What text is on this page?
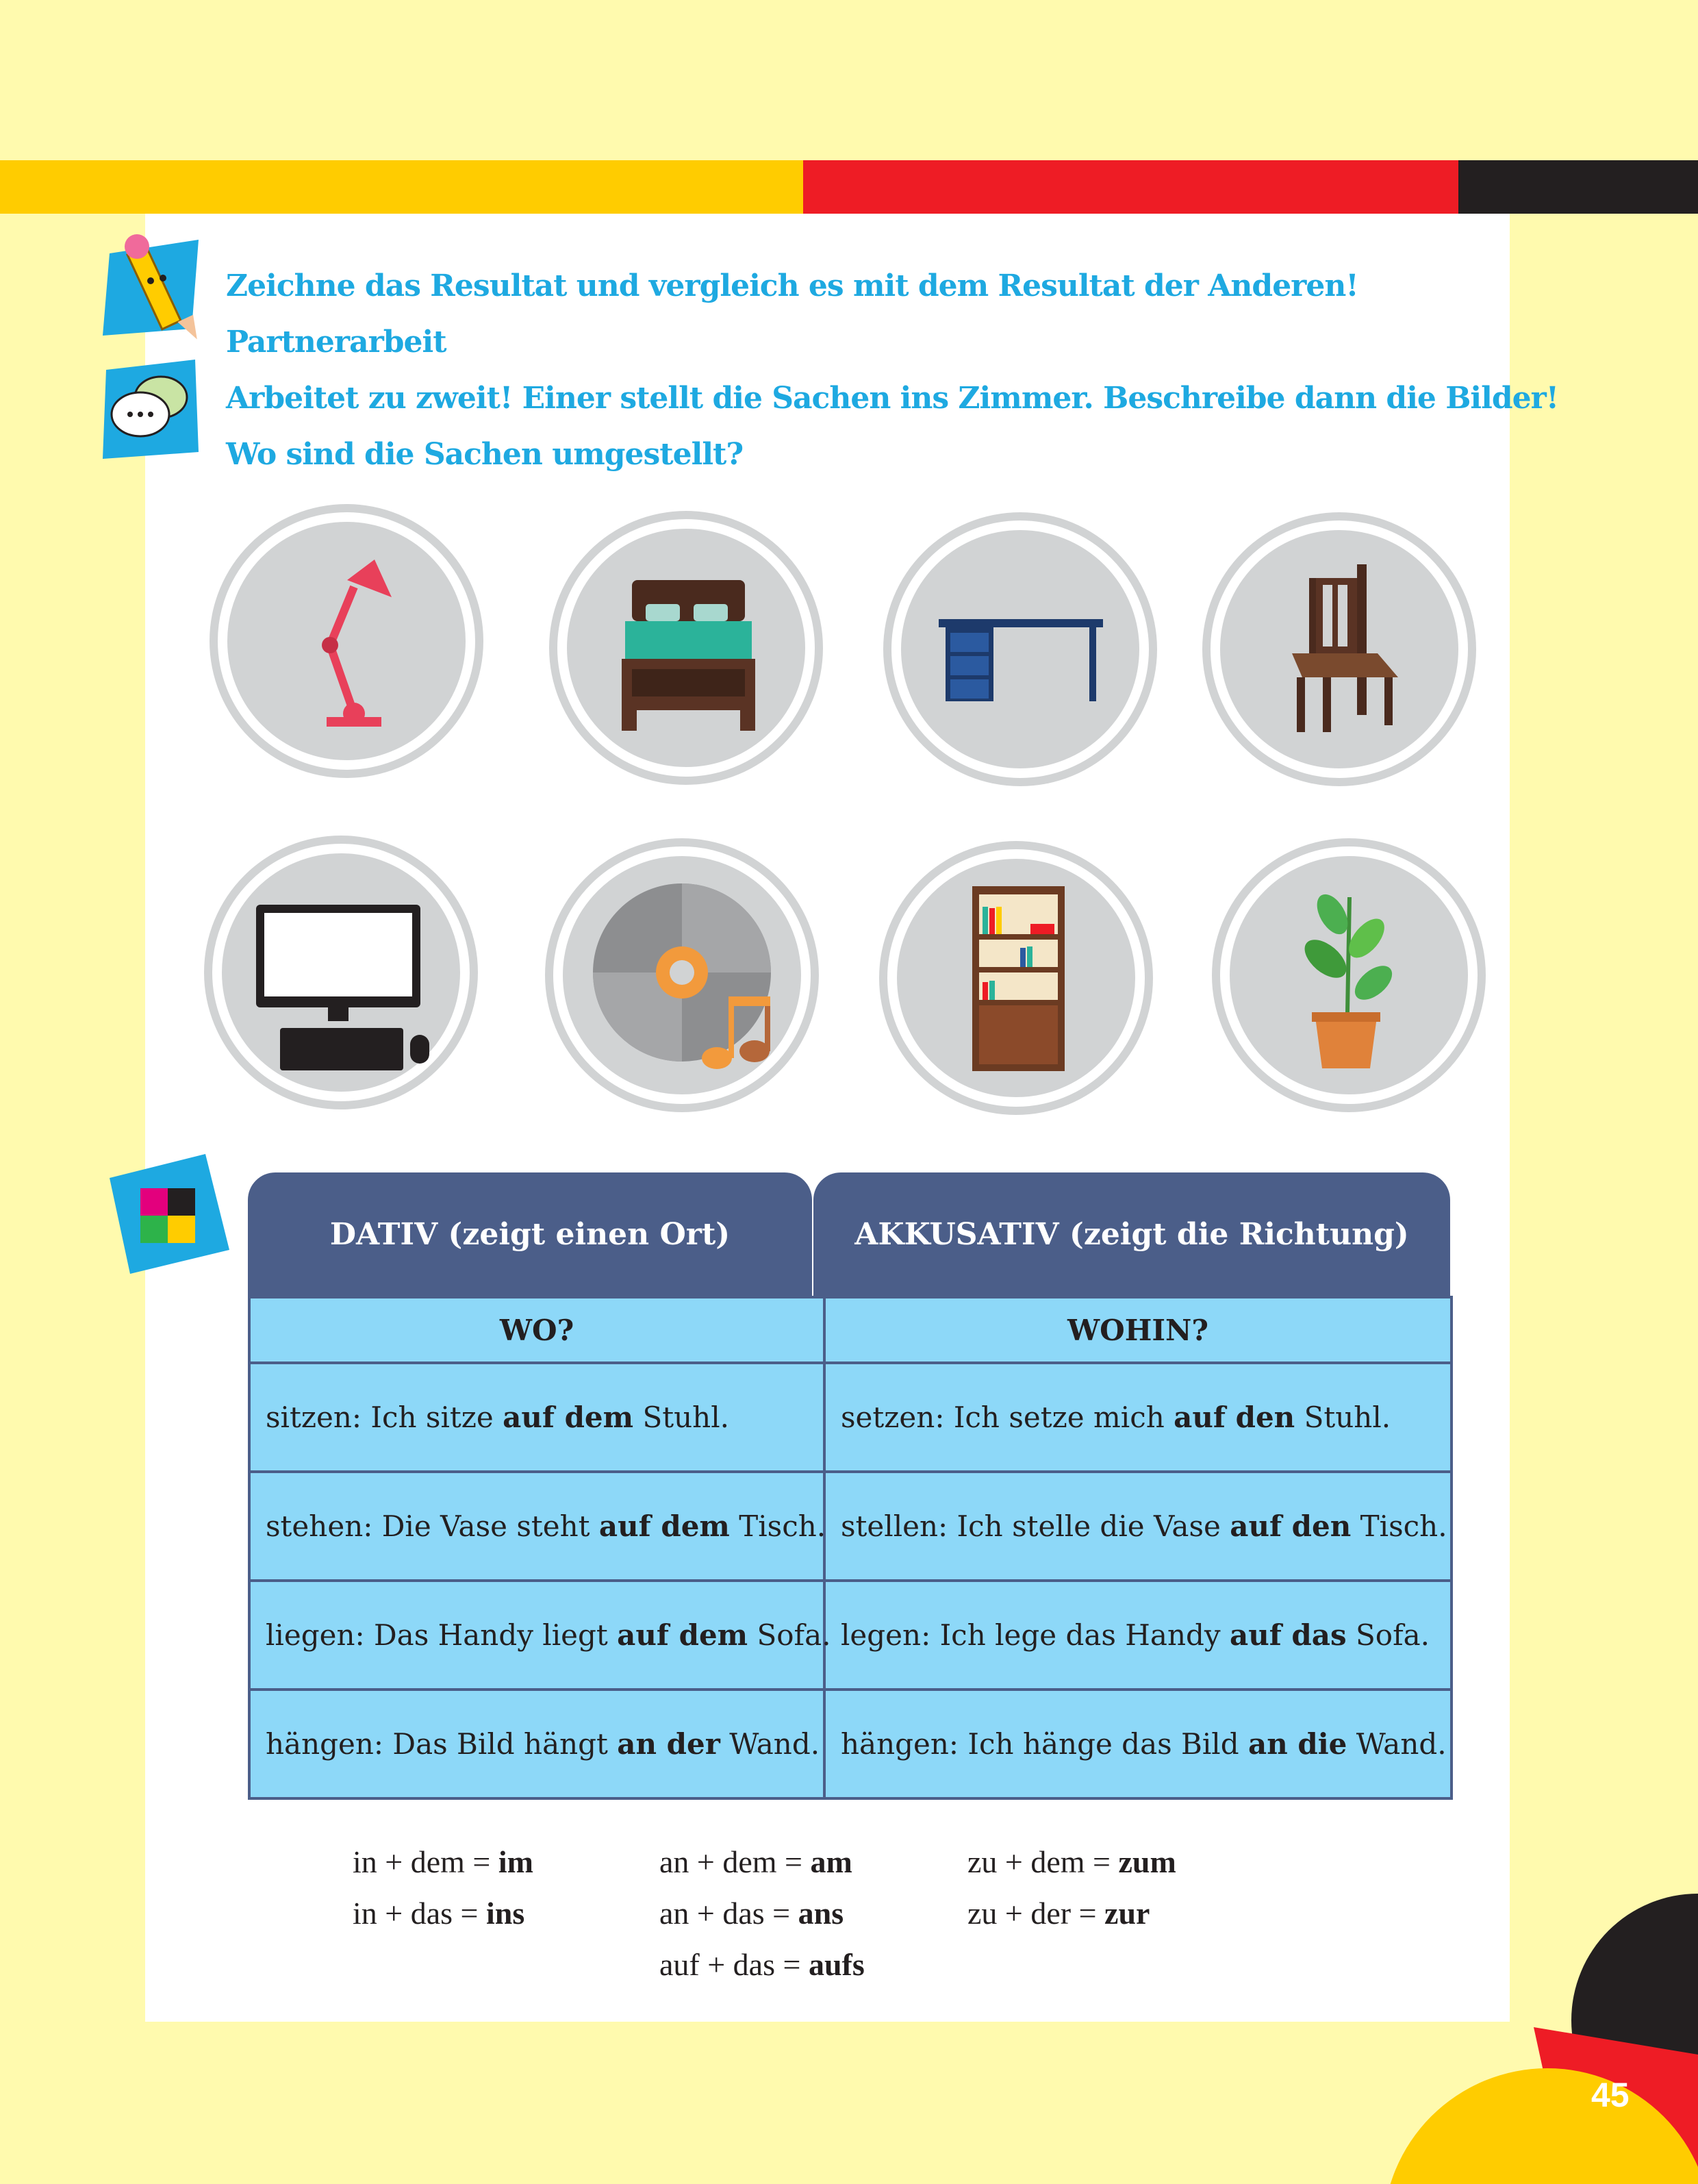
Zeichne das Resultat und vergleich es mit dem Resultat der Anderen!
Partnerarbeit
Arbeitet zu zweit! Einer stellt die Sachen ins Zimmer. Beschreibe dann die Bilder!
Wo sind die Sachen umgestellt?
DATIV (zeigt einen Ort)	AKKUSATIV (zeigt die Richtung)
WO?	WOHIN?
sitzen: Ich sitze auf dem Stuhl.	setzen: Ich setze mich auf den Stuhl.
stehen: Die Vase steht auf dem Tisch.	stellen: Ich stelle die Vase auf den Tisch.
liegen: Das Handy liegt auf dem Sofa.	legen: Ich lege das Handy auf das Sofa.
hängen: Das Bild hängt an der Wand.	hängen: Ich hänge das Bild an die Wand.
in + dem = im
in + das = ins
an + dem = am
an + das = ans
auf + das = aufs
zu + dem = zum
zu + der = zur
45
